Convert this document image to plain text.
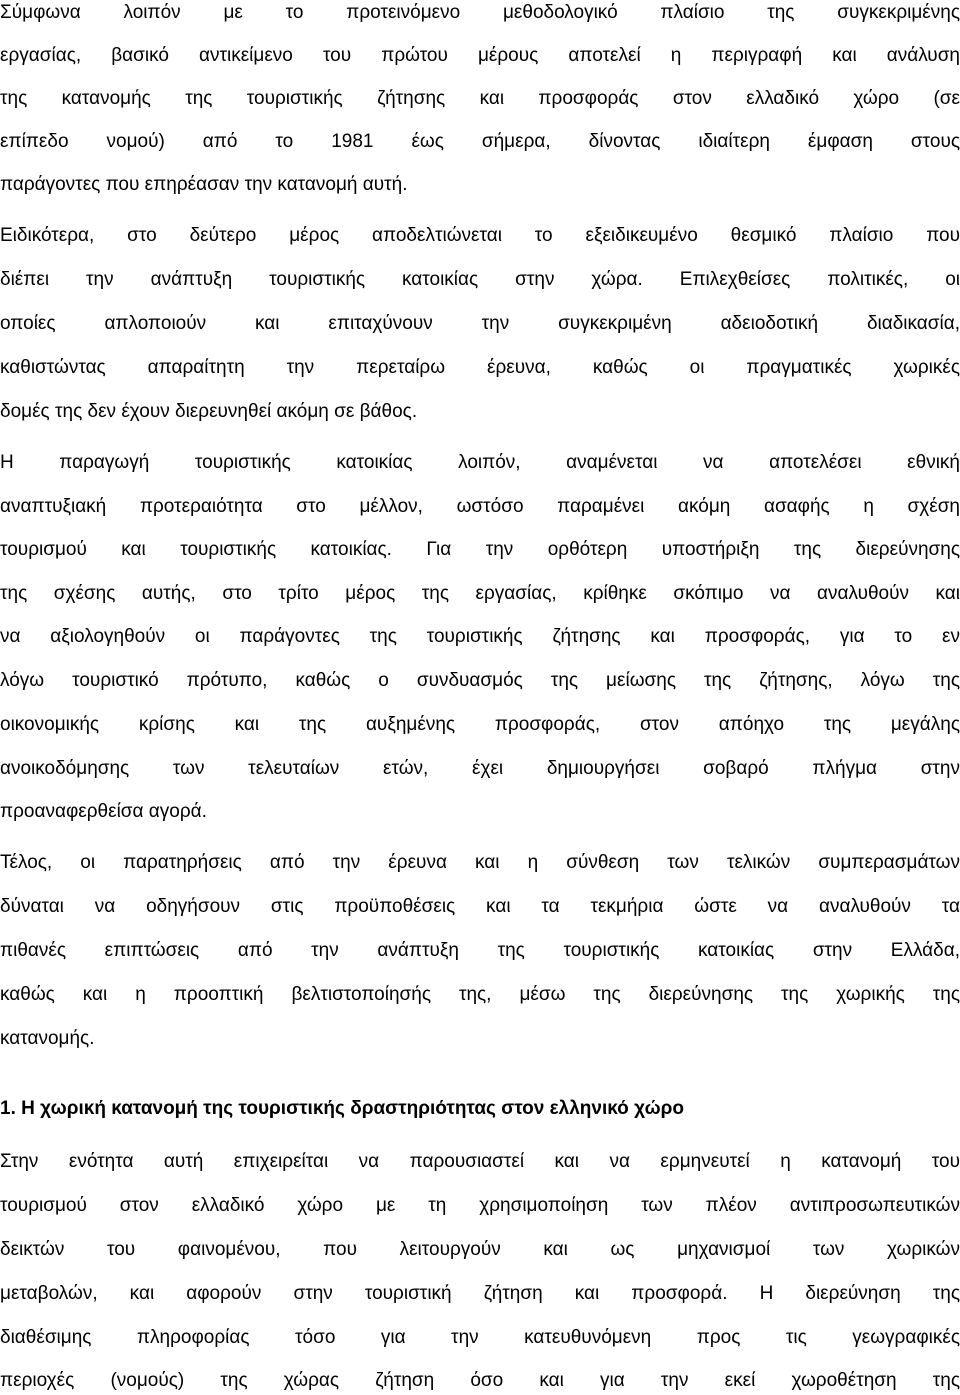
Σύμφωνα λοιπόν με το προτεινόμενο μεθοδολογικό πλαίσιο της συγκεκριμένης
εργασίας, βασικό αντικείμενο του πρώτου μέρους αποτελεί η περιγραφή και ανάλυση
της κατανομής της τουριστικής ζήτησης και προσφοράς στον ελλαδικό χώρο (σε
επίπεδο νομού) από το 1981 έως σήμερα, δίνοντας ιδιαίτερη έμφαση στους
παράγοντες που επηρέασαν την κατανομή αυτή.
Ειδικότερα, στο δεύτερο μέρος αποδελτιώνεται το εξειδικευμένο θεσμικό πλαίσιο που
διέπει την ανάπτυξη τουριστικής κατοικίας στην χώρα. Επιλεχθείσες πολιτικές, οι
οποίες απλοποιούν και επιταχύνουν την συγκεκριμένη αδειοδοτική διαδικασία,
καθιστώντας απαραίτητη την περεταίρω έρευνα, καθώς οι πραγματικές χωρικές
δομές της δεν έχουν διερευνηθεί ακόμη σε βάθος.
Η παραγωγή τουριστικής κατοικίας λοιπόν, αναμένεται να αποτελέσει εθνική
αναπτυξιακή προτεραιότητα στο μέλλον, ωστόσο παραμένει ακόμη ασαφής η σχέση
τουρισμού και τουριστικής κατοικίας. Για την ορθότερη υποστήριξη της διερεύνησης
της σχέσης αυτής, στο τρίτο μέρος της εργασίας, κρίθηκε σκόπιμο να αναλυθούν και
να αξιολογηθούν οι παράγοντες της τουριστικής ζήτησης και προσφοράς, για το εν
λόγω τουριστικό πρότυπο, καθώς ο συνδυασμός της μείωσης της ζήτησης, λόγω της
οικονομικής κρίσης και της αυξημένης προσφοράς, στον απόηχο της μεγάλης
ανοικοδόμησης των τελευταίων ετών, έχει δημιουργήσει σοβαρό πλήγμα στην
προαναφερθείσα αγορά.
Τέλος, οι παρατηρήσεις από την έρευνα και η σύνθεση των τελικών συμπερασμάτων
δύναται να οδηγήσουν στις προϋποθέσεις και τα τεκμήρια ώστε να αναλυθούν τα
πιθανές επιπτώσεις από την ανάπτυξη της τουριστικής κατοικίας στην Ελλάδα,
καθώς και η προοπτική βελτιστοποίησής της, μέσω της διερεύνησης της χωρικής της
κατανομής.
1. Η χωρική κατανομή της τουριστικής δραστηριότητας στον ελληνικό χώρο
Στην ενότητα αυτή επιχειρείται να παρουσιαστεί και να ερμηνευτεί η κατανομή του
τουρισμού στον ελλαδικό χώρο με τη χρησιμοποίηση των πλέον αντιπροσωπευτικών
δεικτών του φαινομένου, που λειτουργούν και ως μηχανισμοί των χωρικών
μεταβολών, και αφορούν στην τουριστική ζήτηση και προσφορά. Η διερεύνηση της
διαθέσιμης πληροφορίας τόσο για την κατευθυνόμενη προς τις γεωγραφικές
περιοχές (νομούς) της χώρας ζήτηση όσο και για την εκεί χωροθέτηση της
